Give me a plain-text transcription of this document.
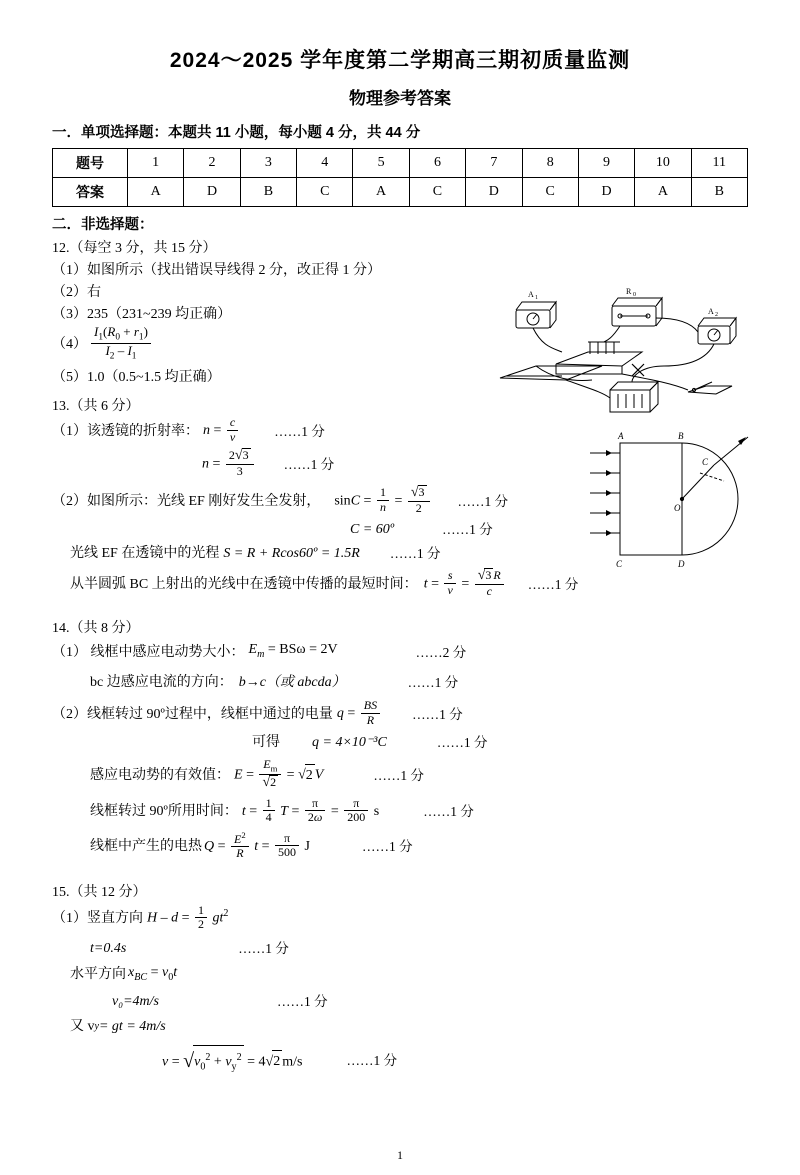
2024～2025 学年度第二学期高三期初质量监测
物理参考答案
一．单项选择题：本题共 11 小题，每小题 4 分，共 44 分
题号	1	2	3	4	5	6	7	8	9	10	11
答案	A	D	B	C	A	C	D	C	D	A	B
二．非选择题：
12.（每空 3 分，共 15 分）
（1）如图所示（找出错误导线得 2 分，改正得 1 分）
（2）右
（3）235（231~239 均正确）
$(4) \frac{I_1(R_0 + r_1)}{I_2 - I_1}$
（5）1.0（0.5~1.5 均正确）
13.（共 6 分）
（1）该透镜的折射率： $n = \frac{c}{v}$	……1 分
$n = \frac{2√3}{3}$ ……1 分
（2）如图所示：光线 EF 刚好发生全发射， $\sin C = \frac{1}{n} = \frac{√3}{2}$ ……1 分
C = 60º	……1 分
光线 EF 在透镜中的光程 S = R + Rcos60º = 1.5R ……1 分
从半圆弧 BC 上射出的光线中在透镜中传播的最短时间： $t = \frac{s}{v} = \frac{√3 R}{c}$ ……1 分
14.（共 8 分）
（1） 线框中感应电动势大小： $E_m = BS\omega = 2V$	……2 分
bc 边感应电流的方向： b→c（或 abcda）	……1 分
（2）线框转过 90º过程中，线框中通过的电量 $q = \frac{BS}{R}$ ……1 分
可得 q = 4×10⁻³C	……1 分
感应电动势的有效值： $E = \frac{E_m}{√2} = √2$ V	……1 分
线框转过 90º所用时间： $t = \frac{1}{4}$ $T = \frac{\pi}{2\omega} = \frac{\pi}{200}$ s	……1 分
线框中产生的电热 $Q = \frac{E^2}{R}$ $t = \frac{\pi}{500}$ J	……1 分
15.（共 12 分）
（1）竖直方向 $H - d = \frac{1}{2} gt^2$
t=0.4s	……1 分
水平方向 $x_{BC} = v_0t$
v₀=4m/s	……1 分
又 v y = gt = 4m/s
$v = √v_0^2 + v_y^2 = 4√2$ m/s	……1 分
A 1
R 0
A 2
A	B
C	D
C
O
1
